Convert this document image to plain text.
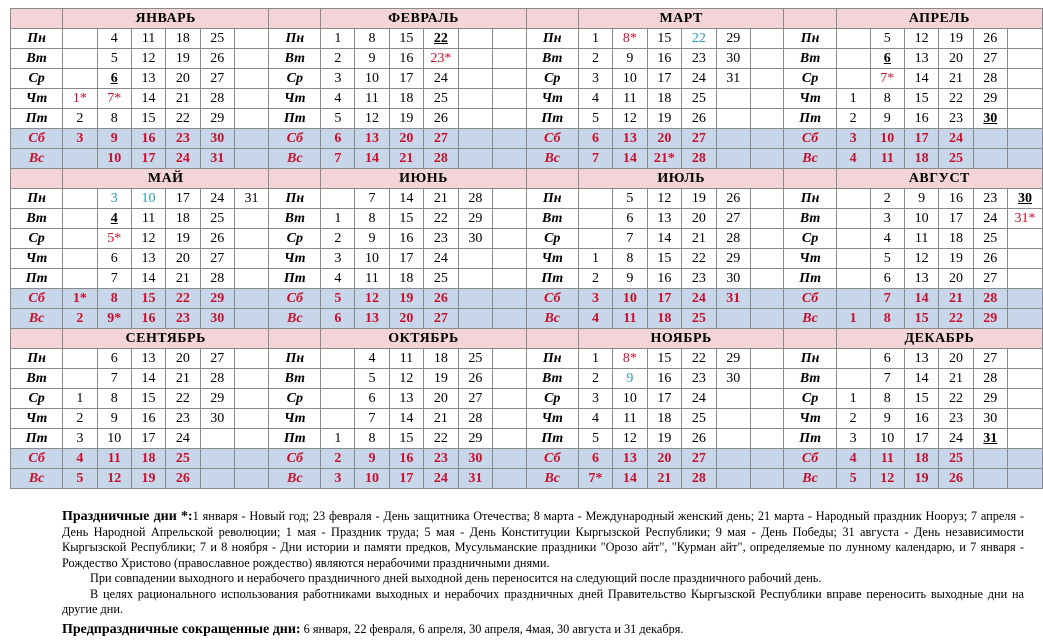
	ЯНВАРЬ							ФЕВРАЛЬ							МАРТ							АПРЕЛЬ					
Пн		4	11	18	25		Пн	1	8	15	22			Пн	1	8*	15	22	29		Пн		5	12	19	26	
Вт		5	12	19	26		Вт	2	9	16	23*			Вт	2	9	16	23	30		Вт		6	13	20	27	
Ср		6	13	20	27		Ср	3	10	17	24			Ср	3	10	17	24	31		Ср		7*	14	21	28	
Чт	1*	7*	14	21	28		Чт	4	11	18	25			Чт	4	11	18	25			Чт	1	8	15	22	29	
Пт	2	8	15	22	29		Пт	5	12	19	26			Пт	5	12	19	26			Пт	2	9	16	23	30	
Сб	3	9	16	23	30		Сб	6	13	20	27			Сб	6	13	20	27			Сб	3	10	17	24		
Вс		10	17	24	31		Вс	7	14	21	28			Вс	7	14	21*	28			Вс	4	11	18	25		
	МАЙ							ИЮНЬ							ИЮЛЬ							АВГУСТ					
Пн		3	10	17	24	31	Пн		7	14	21	28		Пн		5	12	19	26		Пн		2	9	16	23	30
Вт		4	11	18	25		Вт	1	8	15	22	29		Вт		6	13	20	27		Вт		3	10	17	24	31*
Ср		5*	12	19	26		Ср	2	9	16	23	30		Ср		7	14	21	28		Ср		4	11	18	25	
Чт		6	13	20	27		Чт	3	10	17	24			Чт	1	8	15	22	29		Чт		5	12	19	26	
Пт		7	14	21	28		Пт	4	11	18	25			Пт	2	9	16	23	30		Пт		6	13	20	27	
Сб	1*	8	15	22	29		Сб	5	12	19	26			Сб	3	10	17	24	31		Сб		7	14	21	28	
Вс	2	9*	16	23	30		Вс	6	13	20	27			Вс	4	11	18	25			Вс	1	8	15	22	29	
	СЕНТЯБРЬ							ОКТЯБРЬ							НОЯБРЬ							ДЕКАБРЬ					
Пн		6	13	20	27		Пн		4	11	18	25		Пн	1	8*	15	22	29		Пн		6	13	20	27	
Вт		7	14	21	28		Вт		5	12	19	26		Вт	2	9	16	23	30		Вт		7	14	21	28	
Ср	1	8	15	22	29		Ср		6	13	20	27		Ср	3	10	17	24			Ср	1	8	15	22	29	
Чт	2	9	16	23	30		Чт		7	14	21	28		Чт	4	11	18	25			Чт	2	9	16	23	30	
Пт	3	10	17	24			Пт	1	8	15	22	29		Пт	5	12	19	26			Пт	3	10	17	24	31	
Сб	4	11	18	25			Сб	2	9	16	23	30		Сб	6	13	20	27			Сб	4	11	18	25		
Вс	5	12	19	26			Вс	3	10	17	24	31		Вс	7*	14	21	28			Вс	5	12	19	26		

Праздничные дни *:1 января - Новый год; 23 февраля - День защитника Отечества; 8 марта - Международный женский день; 21 марта - Народный праздник Нооруз; 7 апреля - День Народной Апрельской революции; 1 мая - Праздник труда; 5 мая - День Конституции Кыргызской Республики; 9 мая - День Победы; 31 августа - День независимости Кыргызской Республики; 7 и 8 ноября - Дни истории и памяти предков, Мусульманские праздники "Орозо айт", "Курман айт", определяемые по лунному календарю, и 7 января - Рождество Христово (православное рождество) являются нерабочими праздничными днями.

При совпадении выходного и нерабочего праздничного дней выходной день переносится на следующий после праздничного рабочий день.

В целях рационального использования работниками выходных и нерабочих праздничных дней Правительство Кыргызской Республики вправе переносить выходные дни на другие дни.

Предпраздничные сокращенные дни: 6 января, 22 февраля, 6 апреля, 30 апреля, 4мая, 30 августа и 31 декабря.
